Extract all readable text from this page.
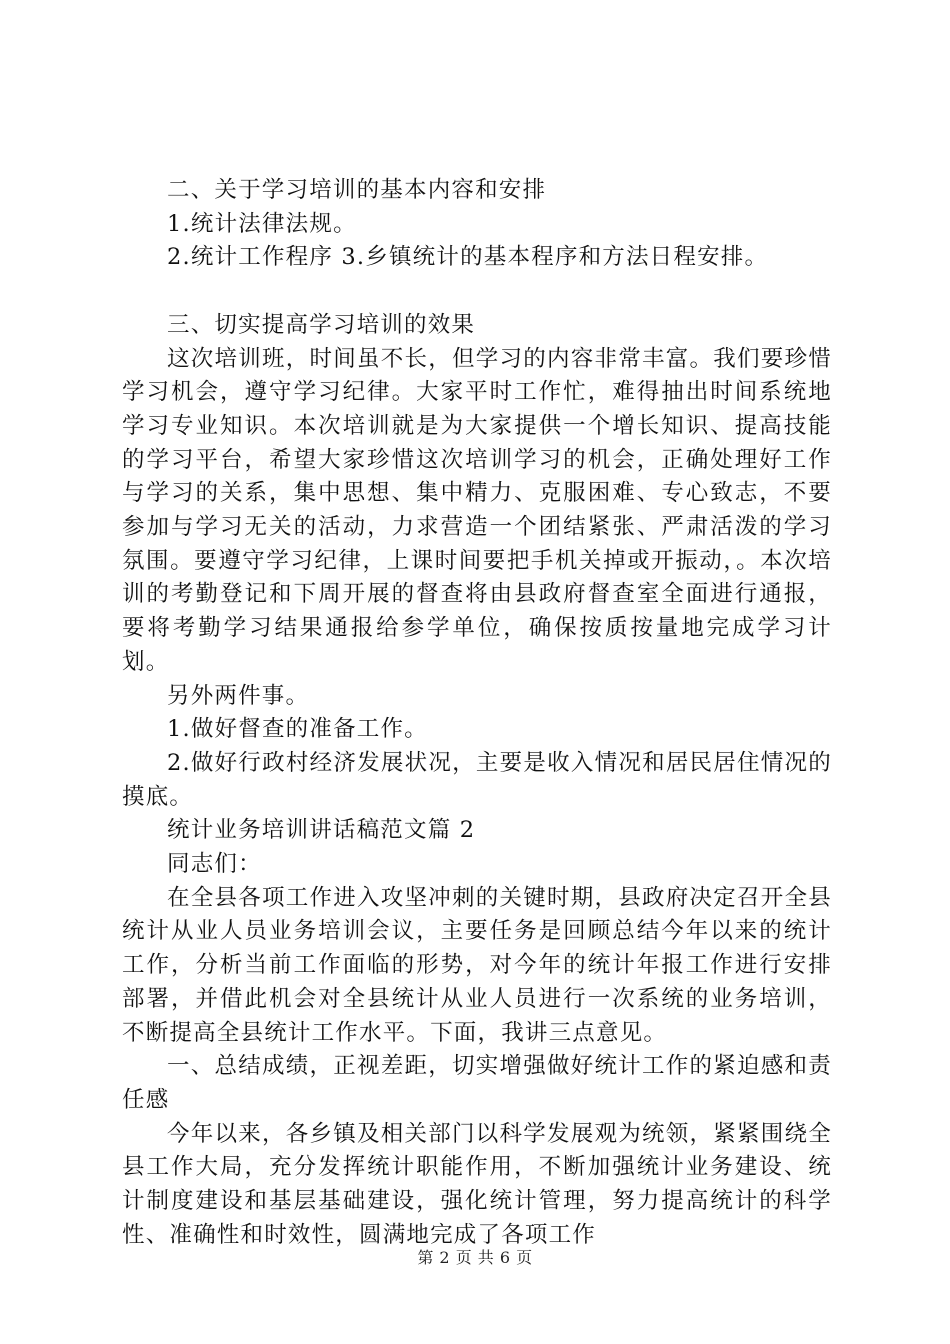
二、关于学习培训的基本内容和安排

1.统计法律法规。

2.统计工作程序 3.乡镇统计的基本程序和方法日程安排。

三、切实提高学习培训的效果

这次培训班，时间虽不长，但学习的内容非常丰富。我们要珍惜学习机会，遵守学习纪律。大家平时工作忙，难得抽出时间系统地学习专业知识。本次培训就是为大家提供一个增长知识、提高技能的学习平台，希望大家珍惜这次培训学习的机会，正确处理好工作与学习的关系，集中思想、集中精力、克服困难、专心致志，不要参加与学习无关的活动，力求营造一个团结紧张、严肃活泼的学习氛围。要遵守学习纪律，上课时间要把手机关掉或开振动，。本次培训的考勤登记和下周开展的督查将由县政府督查室全面进行通报，要将考勤学习结果通报给参学单位，确保按质按量地完成学习计划。

另外两件事。

1.做好督查的准备工作。

2.做好行政村经济发展状况，主要是收入情况和居民居住情况的摸底。

统计业务培训讲话稿范文篇 2

同志们：

在全县各项工作进入攻坚冲刺的关键时期，县政府决定召开全县统计从业人员业务培训会议，主要任务是回顾总结今年以来的统计工作，分析当前工作面临的形势，对今年的统计年报工作进行安排部署，并借此机会对全县统计从业人员进行一次系统的业务培训，不断提高全县统计工作水平。下面，我讲三点意见。

一、总结成绩，正视差距，切实增强做好统计工作的紧迫感和责任感

今年以来，各乡镇及相关部门以科学发展观为统领，紧紧围绕全县工作大局，充分发挥统计职能作用，不断加强统计业务建设、统计制度建设和基层基础建设，强化统计管理，努力提高统计的科学性、准确性和时效性，圆满地完成了各项工作

第 2 页 共 6 页
